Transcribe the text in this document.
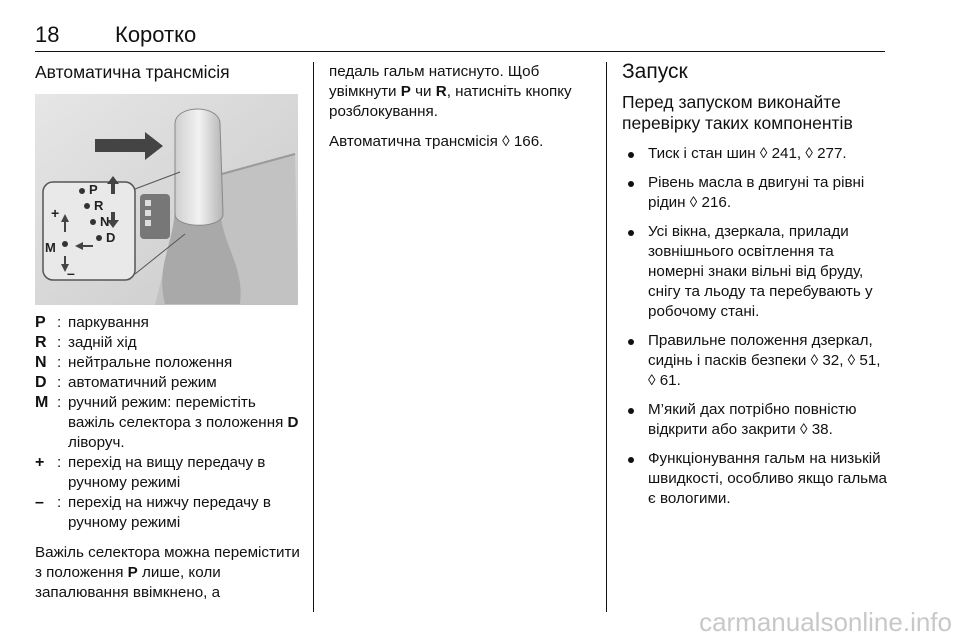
18	Коротко
Автоматична трансмісія
P
R
N
D
M
+
–
P : паркування
R : задній хід
N : нейтральне положення
D : автоматичний режим
M : ручний режим: перемістіть важіль селектора з положення D ліворуч.
+ : перехід на вищу передачу в ручному режимі
– : перехід на нижчу передачу в ручному режимі
Важіль селектора можна перемістити з положення P лише, коли запалювання ввімкнено, а
педаль гальм натиснуто. Щоб увімкнути P чи R, натисніть кнопку розблокування.
Автоматична трансмісія ◊ 166.
Запуск
Перед запуском виконайте перевірку таких компонентів
Тиск і стан шин ◊ 241, ◊ 277.
Рівень масла в двигуні та рівні рідин ◊ 216.
Усі вікна, дзеркала, прилади зовнішнього освітлення та номерні знаки вільні від бруду, снігу та льоду та перебувають у робочому стані.
Правильне положення дзеркал, сидінь і пасків безпеки ◊ 32, ◊ 51, ◊ 61.
М’який дах потрібно повністю відкрити або закрити ◊ 38.
Функціонування гальм на низькій швидкості, особливо якщо гальма є вологими.
carmanualsonline.info
